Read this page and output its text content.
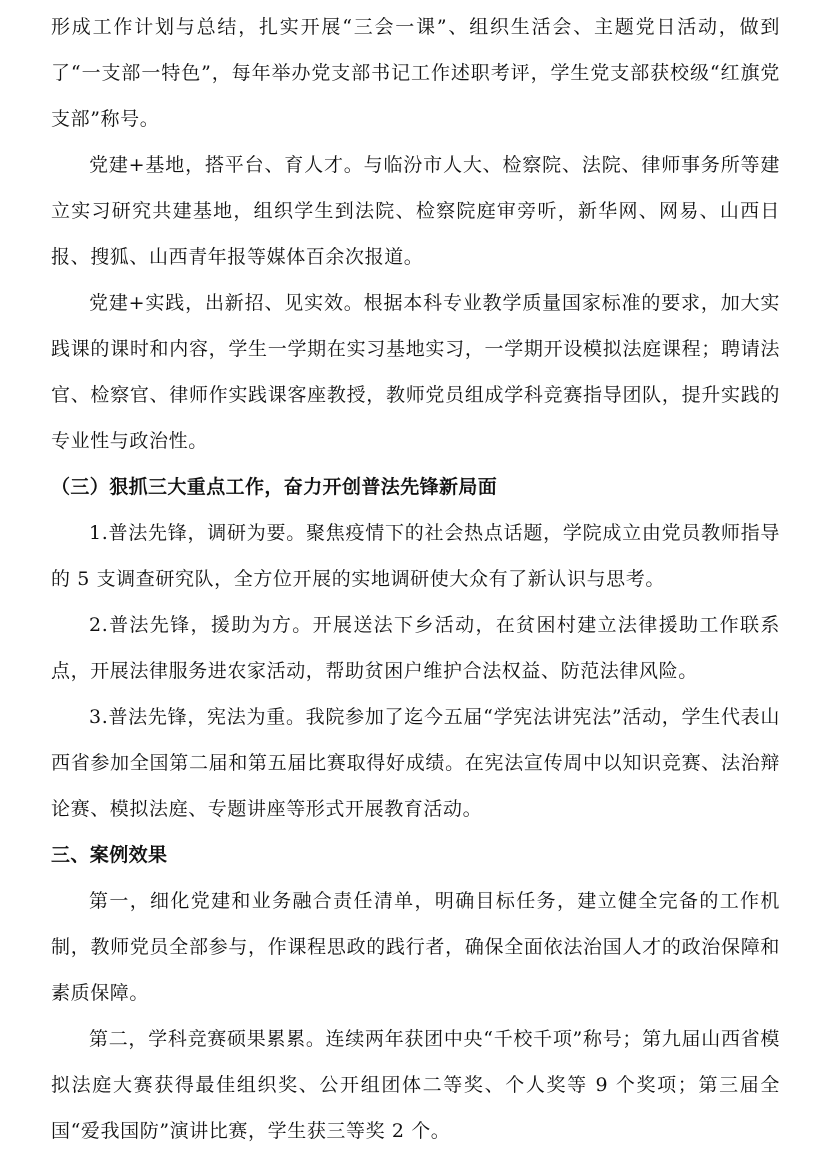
形成工作计划与总结，扎实开展“三会一课”、组织生活会、主题党日活动，做到了“一支部一特色”，每年举办党支部书记工作述职考评，学生党支部获校级“红旗党支部”称号。

党建+基地，搭平台、育人才。与临汾市人大、检察院、法院、律师事务所等建立实习研究共建基地，组织学生到法院、检察院庭审旁听，新华网、网易、山西日报、搜狐、山西青年报等媒体百余次报道。

党建+实践，出新招、见实效。根据本科专业教学质量国家标准的要求，加大实践课的课时和内容，学生一学期在实习基地实习，一学期开设模拟法庭课程；聘请法官、检察官、律师作实践课客座教授，教师党员组成学科竞赛指导团队，提升实践的专业性与政治性。

（三）狠抓三大重点工作，奋力开创普法先锋新局面

1.普法先锋，调研为要。聚焦疫情下的社会热点话题，学院成立由党员教师指导的 5 支调查研究队，全方位开展的实地调研使大众有了新认识与思考。

2.普法先锋，援助为方。开展送法下乡活动，在贫困村建立法律援助工作联系点，开展法律服务进农家活动，帮助贫困户维护合法权益、防范法律风险。

3.普法先锋，宪法为重。我院参加了迄今五届“学宪法讲宪法”活动，学生代表山西省参加全国第二届和第五届比赛取得好成绩。在宪法宣传周中以知识竞赛、法治辩论赛、模拟法庭、专题讲座等形式开展教育活动。

三、案例效果

第一，细化党建和业务融合责任清单，明确目标任务，建立健全完备的工作机制，教师党员全部参与，作课程思政的践行者，确保全面依法治国人才的政治保障和素质保障。

第二，学科竞赛硕果累累。连续两年获团中央“千校千项”称号；第九届山西省模拟法庭大赛获得最佳组织奖、公开组团体二等奖、个人奖等 9 个奖项；第三届全国“爱我国防”演讲比赛，学生获三等奖 2 个。
